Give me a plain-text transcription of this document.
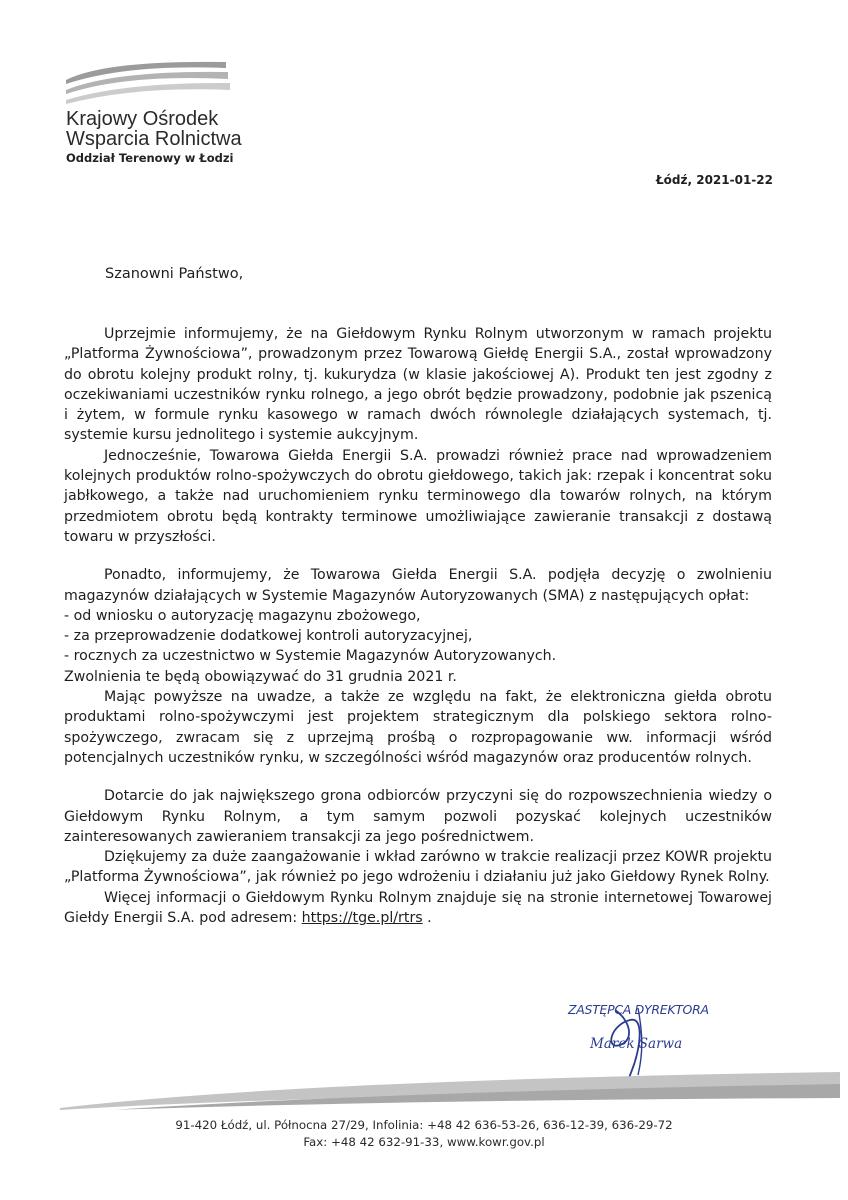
Krajowy Ośrodek
Wsparcia Rolnictwa
Oddział Terenowy w Łodzi
Łódź, 2021-01-22
Szanowni Państwo,

Uprzejmie informujemy, że na Giełdowym Rynku Rolnym utworzonym w ramach projektu „Platforma Żywnościowa”, prowadzonym przez Towarową Giełdę Energii S.A., został wprowadzony do obrotu kolejny produkt rolny, tj. kukurydza (w klasie jakościowej A). Produkt ten jest zgodny z oczekiwaniami uczestników rynku rolnego, a jego obrót będzie prowadzony, podobnie jak pszenicą i żytem, w formule rynku kasowego w ramach dwóch równolegle działających systemach, tj. systemie kursu jednolitego i systemie aukcyjnym.

Jednocześnie, Towarowa Giełda Energii S.A. prowadzi również prace nad wprowadzeniem kolejnych produktów rolno-spożywczych do obrotu giełdowego, takich jak: rzepak i koncentrat soku jabłkowego, a także nad uruchomieniem rynku terminowego dla towarów rolnych, na którym przedmiotem obrotu będą kontrakty terminowe umożliwiające zawieranie transakcji z dostawą towaru w przyszłości.

Ponadto, informujemy, że Towarowa Giełda Energii S.A. podjęła decyzję o zwolnieniu magazynów działających w Systemie Magazynów Autoryzowanych (SMA) z następujących opłat:

- od wniosku o autoryzację magazynu zbożowego,

- za przeprowadzenie dodatkowej kontroli autoryzacyjnej,

- rocznych za uczestnictwo w Systemie Magazynów Autoryzowanych.

Zwolnienia te będą obowiązywać do 31 grudnia 2021 r.

Mając powyższe na uwadze, a także ze względu na fakt, że elektroniczna giełda obrotu produktami rolno-spożywczymi jest projektem strategicznym dla polskiego sektora rolno-spożywczego, zwracam się z uprzejmą prośbą o rozpropagowanie ww. informacji wśród potencjalnych uczestników rynku, w szczególności wśród magazynów oraz producentów rolnych.

Dotarcie do jak największego grona odbiorców przyczyni się do rozpowszechnienia wiedzy o Giełdowym Rynku Rolnym, a tym samym pozwoli pozyskać kolejnych uczestników zainteresowanych zawieraniem transakcji za jego pośrednictwem.

Dziękujemy za duże zaangażowanie i wkład zarówno w trakcie realizacji przez KOWR projektu „Platforma Żywnościowa”, jak również po jego wdrożeniu i działaniu już jako Giełdowy Rynek Rolny.

Więcej informacji o Giełdowym Rynku Rolnym znajduje się na stronie internetowej Towarowej Giełdy Energii S.A. pod adresem: https://tge.pl/rtrs .

ZASTĘPCA DYREKTORA
Marek Sarwa
91-420 Łódź, ul. Północna 27/29, Infolinia: +48 42 636-53-26, 636-12-39, 636-29-72
Fax: +48 42 632-91-33, www.kowr.gov.pl
